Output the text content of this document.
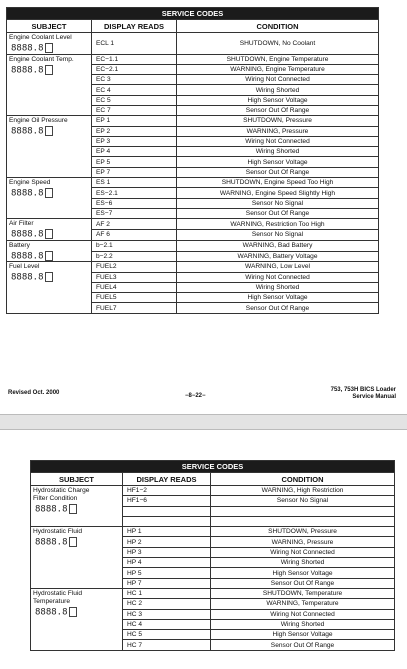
SERVICE CODES		
SUBJECT	DISPLAY READS	CONDITION

Engine Coolant Level
8888.8	ECL 1	SHUTDOWN, No Coolant

Engine Coolant Temp.
8888.8	EC−1.1	SHUTDOWN, Engine Temperature
	EC−2.1	WARNING, Engine Temperature
	EC 3	Wiring Not Connected
	EC 4	Wiring Shorted
	EC 5	High Sensor Voltage
	EC 7	Sensor Out Of Range

Engine Oil Pressure
8888.8	EP 1	SHUTDOWN, Pressure
	EP 2	WARNING, Pressure
	EP 3	Wiring Not Connected
	EP 4	Wiring Shorted
	EP 5	High Sensor Voltage
	EP 7	Sensor Out Of Range

Engine Speed
8888.8	ES 1	SHUTDOWN, Engine Speed Too High
	ES−2.1	WARNING, Engine Speed Slightly High
	ES−6	Sensor No Signal
	ES−7	Sensor Out Of Range

Air Filter
8888.8	AF 2	WARNING, Restriction Too High
	AF 6	Sensor No Signal

Battery
8888.8	b−2.1	WARNING, Bad Battery
	b−2.2	WARNING, Battery Voltage

Fuel Level
8888.8	FUEL2	WARNING, Low Level
	FUEL3	Wiring Not Connected
	FUEL4	Wiring Shorted
	FUEL5	High Sensor Voltage
	FUEL7	Sensor Out Of Range
Revised Oct. 2000	−8−22−
753, 753H BICS Loader
Service Manual
SERVICE CODES		
SUBJECT	DISPLAY READS	CONDITION

Hydrostatic Charge
Filter Condition
8888.8	HF1−2	WARNING, High Restriction
	HF1−6	Sensor No Signal

Hydrostatic Fluid
8888.8	HP 1	SHUTDOWN, Pressure
	HP 2	WARNING, Pressure
	HP 3	Wiring Not Connected
	HP 4	Wiring Shorted
	HP 5	High Sensor Voltage
	HP 7	Sensor Out Of Range

Hydrostatic Fluid
Temperature
8888.8	HC 1	SHUTDOWN, Temperature
	HC 2	WARNING, Temperature
	HC 3	Wiring Not Connected
	HC 4	Wiring Shorted
	HC 5	High Sensor Voltage
	HC 7	Sensor Out Of Range
